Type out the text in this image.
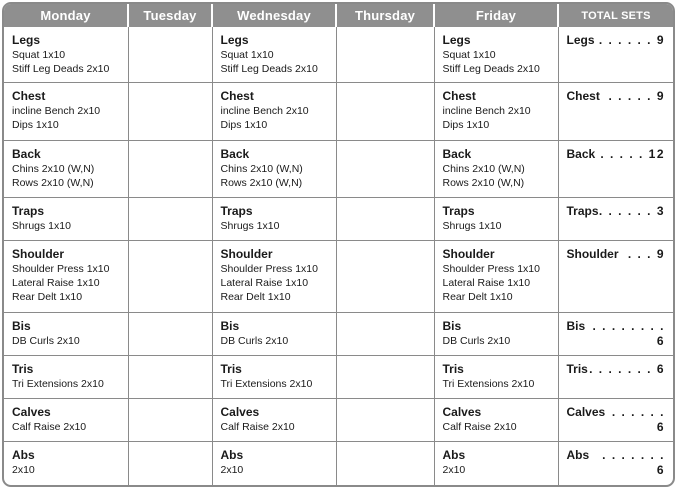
Monday	Tuesday	Wednesday	Thursday	Friday	TOTAL SETS

Legs
Squat 1x10
Stiff Leg Deads 2x10		Legs
Squat 1x10
Stiff Leg Deads 2x10		Legs
Squat 1x10
Stiff Leg Deads 2x10	Legs . . . . . . 9

Chest
incline Bench 2x10
Dips 1x10		Chest
incline Bench 2x10
Dips 1x10		Chest
incline Bench 2x10
Dips 1x10	Chest . . . . . 9

Back
Chins 2x10 (W,N)
Rows 2x10 (W,N)		Back
Chins 2x10 (W,N)
Rows 2x10 (W,N)		Back
Chins 2x10 (W,N)
Rows 2x10 (W,N)	Back . . . . . 12

Traps
Shrugs 1x10		Traps
Shrugs 1x10		Traps
Shrugs 1x10	Traps . . . . . . 3

Shoulder
Shoulder Press 1x10
Lateral Raise 1x10
Rear Delt 1x10		Shoulder
Shoulder Press 1x10
Lateral Raise 1x10
Rear Delt 1x10		Shoulder
Shoulder Press 1x10
Lateral Raise 1x10
Rear Delt 1x10	Shoulder . . . 9

Bis
DB Curls 2x10		Bis
DB Curls 2x10		Bis
DB Curls 2x10	Bis . . . . . . . . 6

Tris
Tri Extensions 2x10		Tris
Tri Extensions 2x10		Tris
Tri Extensions 2x10	Tris . . . . . . . 6

Calves
Calf Raise 2x10		Calves
Calf Raise 2x10		Calves
Calf Raise 2x10	Calves . . . . . . 6

Abs
2x10		Abs
2x10		Abs
2x10	Abs . . . . . . . 6
